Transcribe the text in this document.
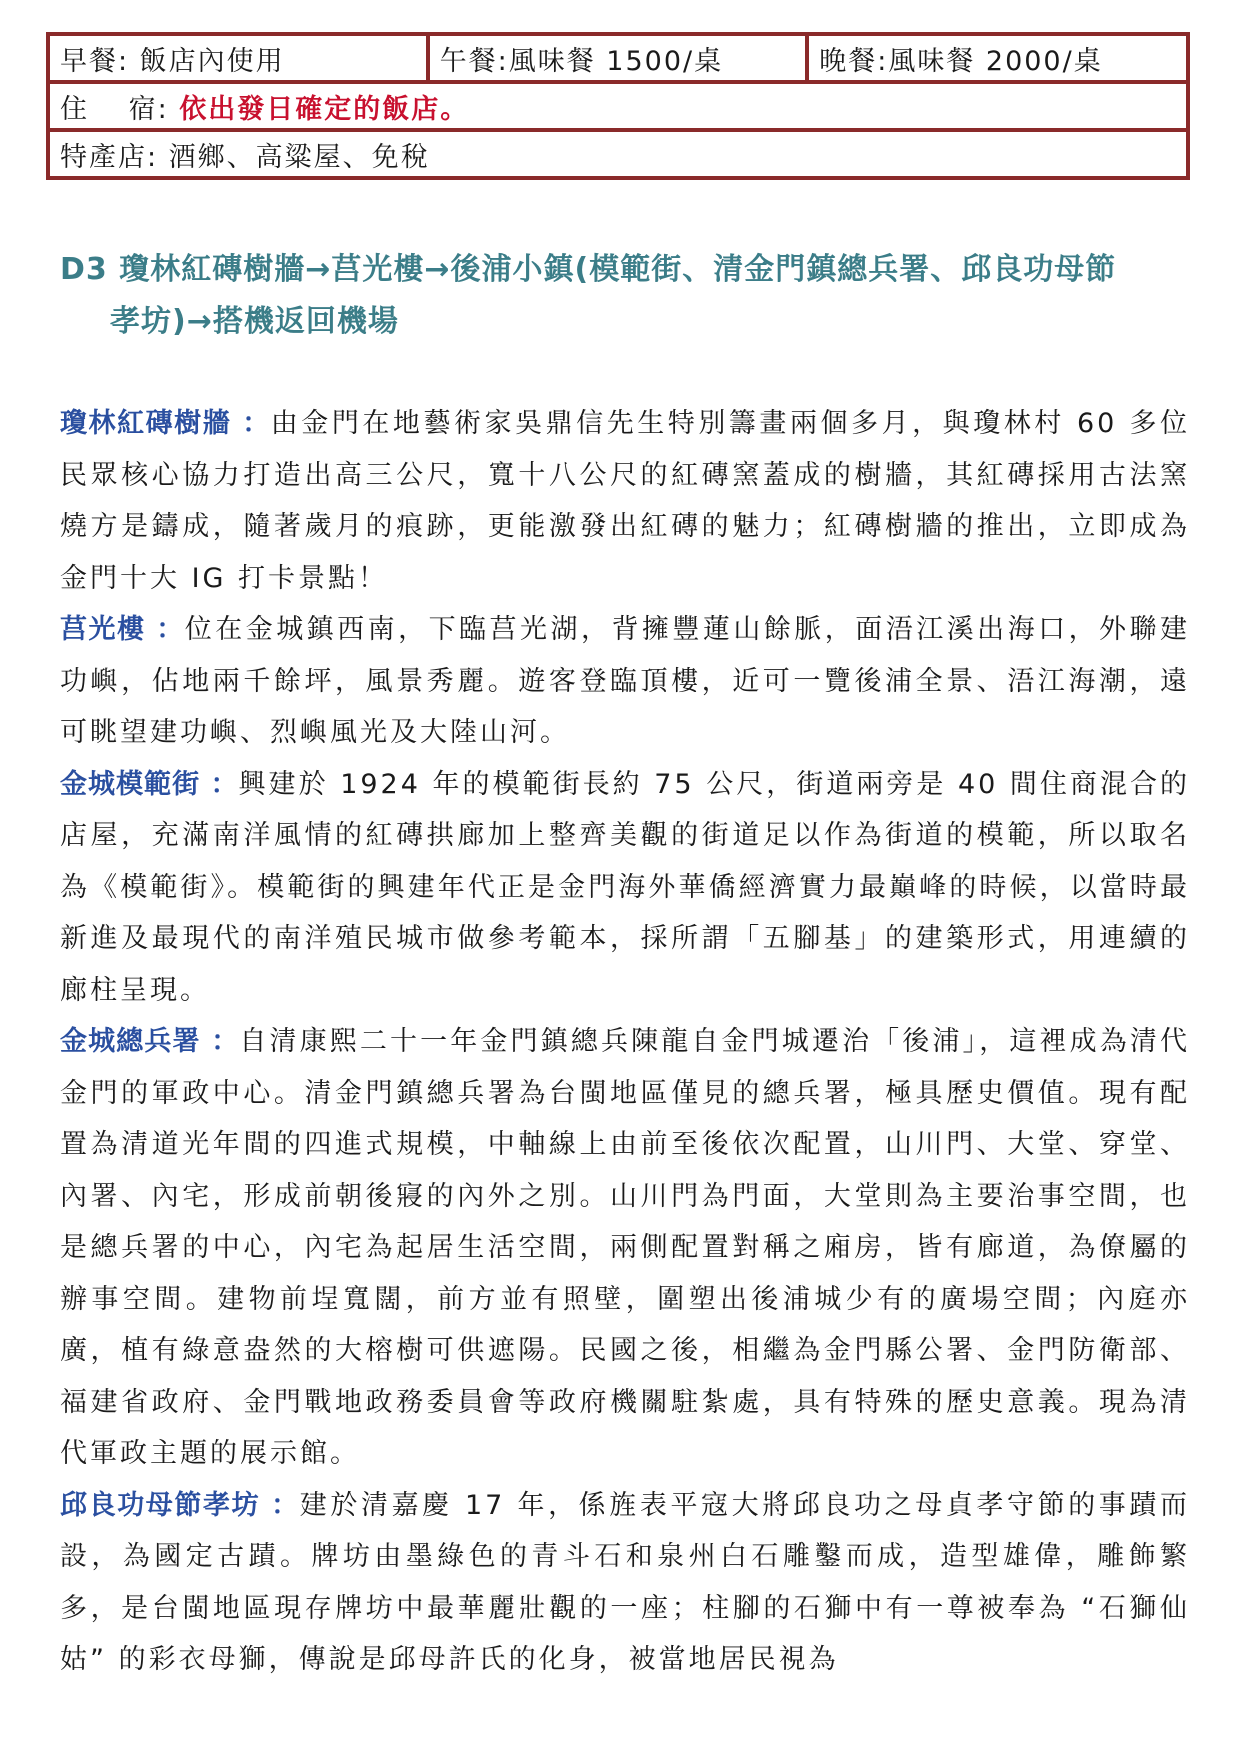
早餐: 飯店內使用	午餐:風味餐 1500/桌	晚餐:風味餐 2000/桌
住　 宿: 依出發日確定的飯店。
特產店: 酒鄉、高粱屋、免稅
D3 瓊林紅磚樹牆→莒光樓→後浦小鎮(模範街、清金門鎮總兵署、邱良功母節
孝坊)→搭機返回機場

瓊林紅磚樹牆 ：由金門在地藝術家吳鼎信先生特別籌畫兩個多月，與瓊林村 60 多位民眾核心協力打造出高三公尺，寬十八公尺的紅磚窯蓋成的樹牆，其紅磚採用古法窯燒方是鑄成，隨著歲月的痕跡，更能激發出紅磚的魅力；紅磚樹牆的推出，立即成為金門十大 IG 打卡景點！

莒光樓 ：位在金城鎮西南，下臨莒光湖，背擁豐蓮山餘脈，面浯江溪出海口，外聯建功嶼，佔地兩千餘坪，風景秀麗。遊客登臨頂樓，近可一覽後浦全景、浯江海潮，遠可眺望建功嶼、烈嶼風光及大陸山河。

金城模範街 ：興建於 1924 年的模範街長約 75 公尺，街道兩旁是 40 間住商混合的店屋，充滿南洋風情的紅磚拱廊加上整齊美觀的街道足以作為街道的模範，所以取名為《模範街》。模範街的興建年代正是金門海外華僑經濟實力最巔峰的時候，以當時最新進及最現代的南洋殖民城市做參考範本，採所謂「五腳基」的建築形式，用連續的廊柱呈現。

金城總兵署 ：自清康熙二十一年金門鎮總兵陳龍自金門城遷治「後浦」，這裡成為清代金門的軍政中心。清金門鎮總兵署為台閩地區僅見的總兵署，極具歷史價值。現有配置為清道光年間的四進式規模，中軸線上由前至後依次配置，山川門、大堂、穿堂、內署、內宅，形成前朝後寢的內外之別。山川門為門面，大堂則為主要治事空間，也是總兵署的中心，內宅為起居生活空間，兩側配置對稱之廂房，皆有廊道，為僚屬的辦事空間。建物前埕寬闊，前方並有照壁，圍塑出後浦城少有的廣場空間；內庭亦廣，植有綠意盎然的大榕樹可供遮陽。民國之後，相繼為金門縣公署、金門防衛部、福建省政府、金門戰地政務委員會等政府機關駐紮處，具有特殊的歷史意義。現為清代軍政主題的展示館。

邱良功母節孝坊 ：建於清嘉慶 17 年，係旌表平寇大將邱良功之母貞孝守節的事蹟而設，為國定古蹟。牌坊由墨綠色的青斗石和泉州白石雕鑿而成，造型雄偉，雕飾繁多，是台閩地區現存牌坊中最華麗壯觀的一座；柱腳的石獅中有一尊被奉為 “石獅仙姑” 的彩衣母獅，傳說是邱母許氏的化身，被當地居民視為
